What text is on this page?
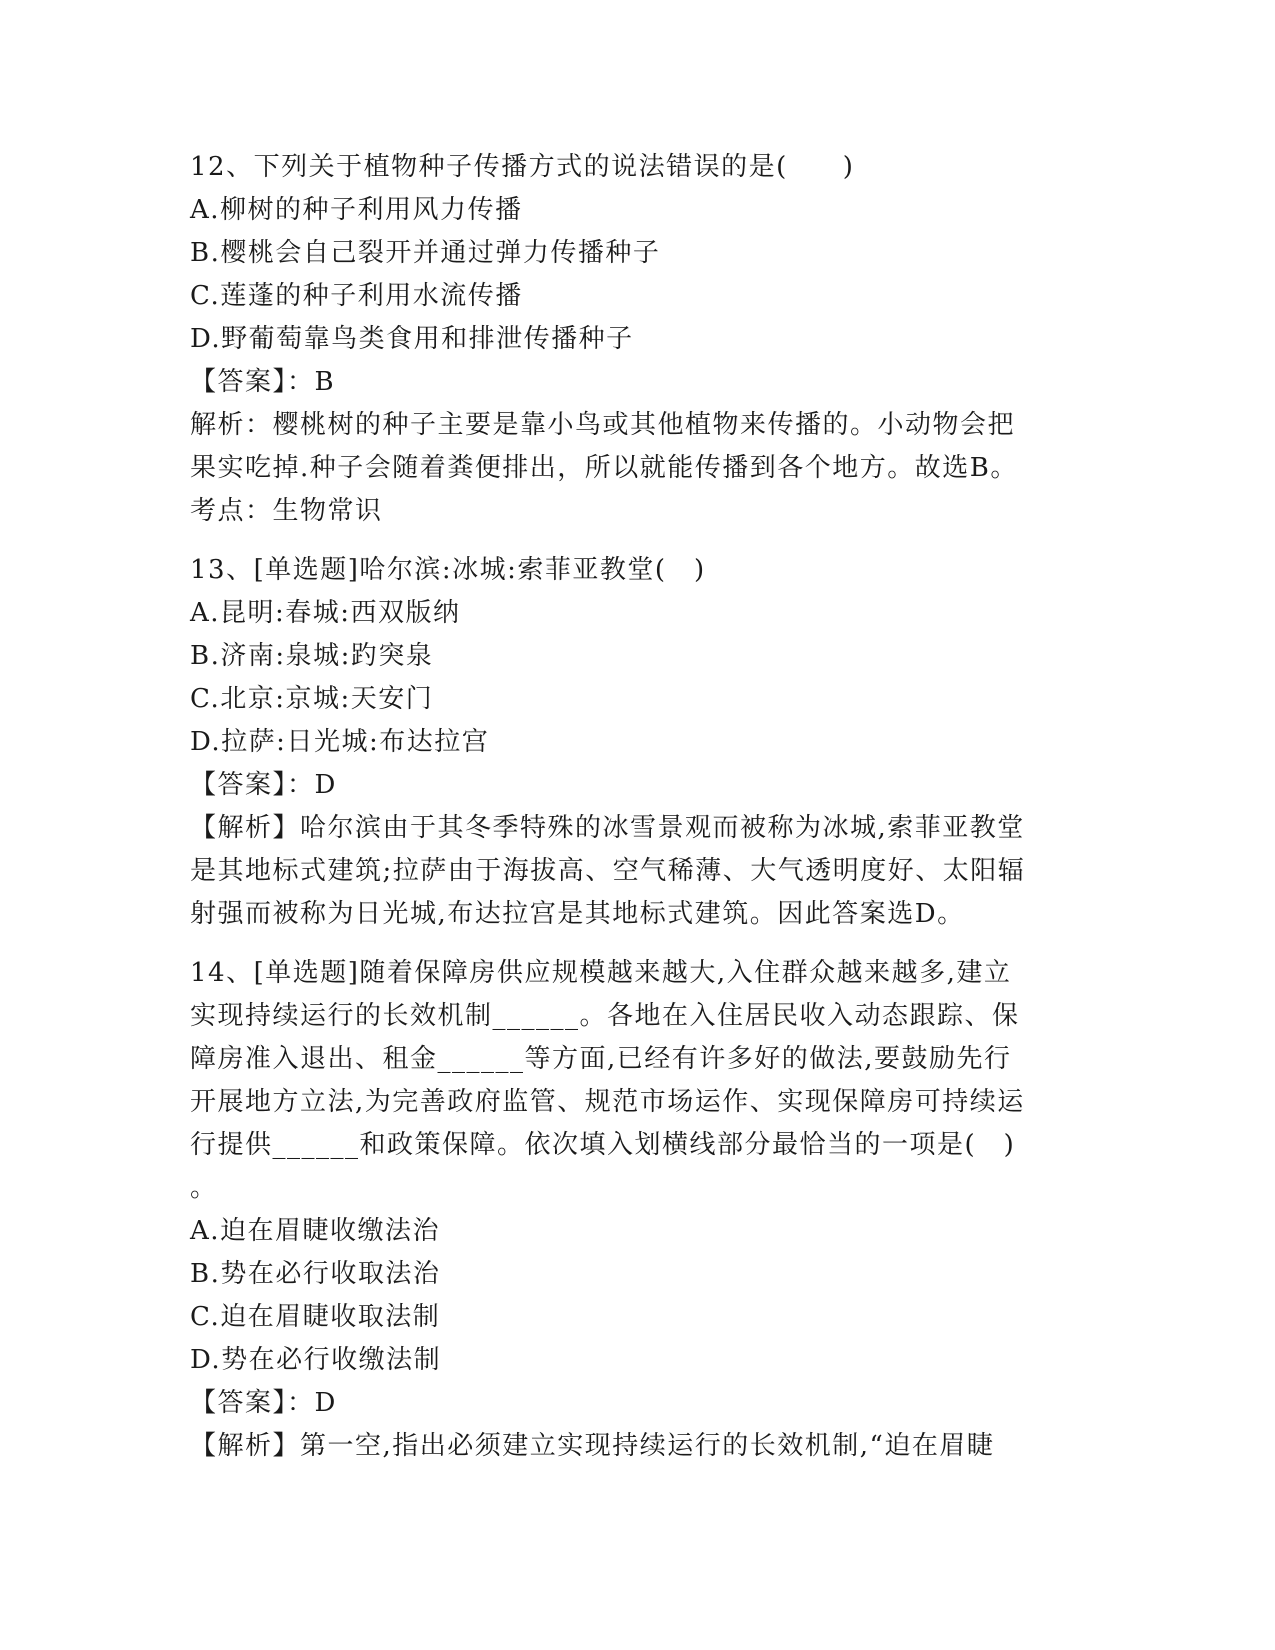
12、下列关于植物种子传播方式的说法错误的是(　　)
A.柳树的种子利用风力传播
B.樱桃会自己裂开并通过弹力传播种子
C.莲蓬的种子利用水流传播
D.野葡萄靠鸟类食用和排泄传播种子
【答案】：B
解析：樱桃树的种子主要是靠小鸟或其他植物来传播的。小动物会把
果实吃掉.种子会随着粪便排出，所以就能传播到各个地方。故选B。
考点：生物常识
13、[单选题]哈尔滨:冰城:索菲亚教堂(　)
A.昆明:春城:西双版纳
B.济南:泉城:趵突泉
C.北京:京城:天安门
D.拉萨:日光城:布达拉宫
【答案】：D
【解析】哈尔滨由于其冬季特殊的冰雪景观而被称为冰城,索菲亚教堂
是其地标式建筑;拉萨由于海拔高、空气稀薄、大气透明度好、太阳辐
射强而被称为日光城,布达拉宫是其地标式建筑。因此答案选D。
14、[单选题]随着保障房供应规模越来越大,入住群众越来越多,建立
实现持续运行的长效机制______。各地在入住居民收入动态跟踪、保
障房准入退出、租金______等方面,已经有许多好的做法,要鼓励先行
开展地方立法,为完善政府监管、规范市场运作、实现保障房可持续运
行提供______和政策保障。依次填入划横线部分最恰当的一项是(　)
。
A.迫在眉睫收缴法治
B.势在必行收取法治
C.迫在眉睫收取法制
D.势在必行收缴法制
【答案】：D
【解析】第一空,指出必须建立实现持续运行的长效机制,“迫在眉睫
